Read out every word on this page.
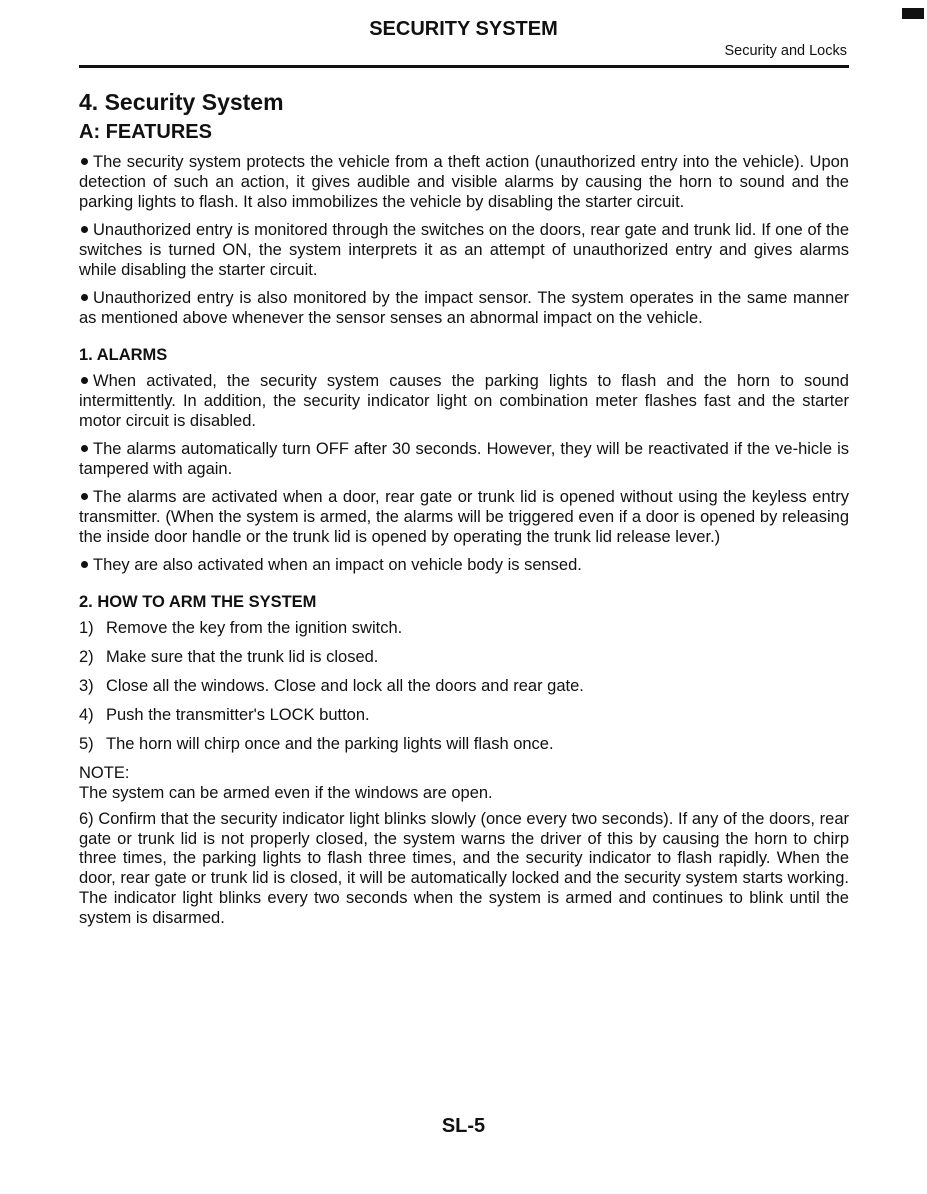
SECURITY SYSTEM
Security and Locks
4. Security System
A: FEATURES

The security system protects the vehicle from a theft action (unauthorized entry into the vehicle). Upon detection of such an action, it gives audible and visible alarms by causing the horn to sound and the parking lights to flash. It also immobilizes the vehicle by disabling the starter circuit.

Unauthorized entry is monitored through the switches on the doors, rear gate and trunk lid. If one of the switches is turned ON, the system interprets it as an attempt of unauthorized entry and gives alarms while disabling the starter circuit.

Unauthorized entry is also monitored by the impact sensor. The system operates in the same manner as mentioned above whenever the sensor senses an abnormal impact on the vehicle.

1. ALARMS

When activated, the security system causes the parking lights to flash and the horn to sound intermittently. In addition, the security indicator light on combination meter flashes fast and the starter motor circuit is disabled.

The alarms automatically turn OFF after 30 seconds. However, they will be reactivated if the ve-hicle is tampered with again.

The alarms are activated when a door, rear gate or trunk lid is opened without using the keyless entry transmitter. (When the system is armed, the alarms will be triggered even if a door is opened by releasing the inside door handle or the trunk lid is opened by operating the trunk lid release lever.)

They are also activated when an impact on vehicle body is sensed.

2. HOW TO ARM THE SYSTEM

1) Remove the key from the ignition switch.

2) Make sure that the trunk lid is closed.

3) Close all the windows. Close and lock all the doors and rear gate.

4) Push the transmitter's LOCK button.

5) The horn will chirp once and the parking lights will flash once.

NOTE:

The system can be armed even if the windows are open.

6) Confirm that the security indicator light blinks slowly (once every two seconds). If any of the doors, rear gate or trunk lid is not properly closed, the system warns the driver of this by causing the horn to chirp three times, the parking lights to flash three times, and the security indicator to flash rapidly. When the door, rear gate or trunk lid is closed, it will be automatically locked and the security system starts working. The indicator light blinks every two seconds when the system is armed and continues to blink until the system is disarmed.

SL-5
